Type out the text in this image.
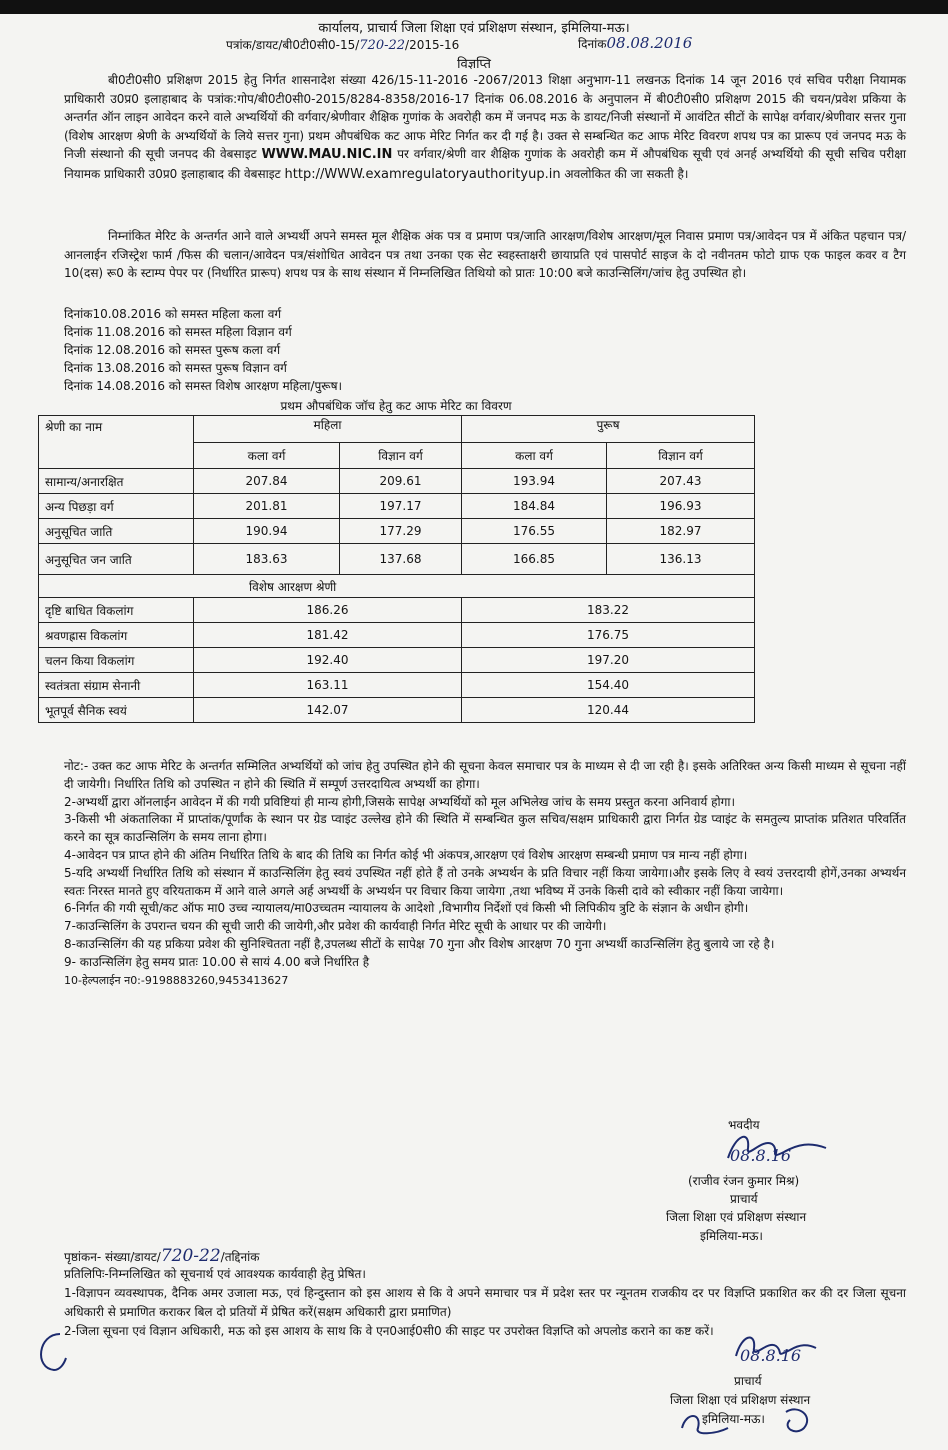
कार्यालय, प्राचार्य जिला शिक्षा एवं प्रशिक्षण संस्थान, इमिलिया-मऊ।
पत्रांक/डायट/बी0टी0सी0-15/720-22/2015-16	दिनांक08.08.2016
विज्ञप्ति
बी0टी0सी0 प्रशिक्षण 2015 हेतु निर्गत शासनादेश संख्या 426/15-11-2016 -2067/2013 शिक्षा अनुभाग-11 लखनऊ दिनांक 14 जून 2016 एवं सचिव परीक्षा नियामक प्राधिकारी उ0प्र0 इलाहाबाद के पत्रांक:गोप/बी0टी0सी0-2015/8284-8358/2016-17 दिनांक 06.08.2016 के अनुपालन में बी0टी0सी0 प्रशिक्षण 2015 की चयन/प्रवेश प्रकिया के अन्तर्गत ऑन लाइन आवेदन करने वाले अभ्यर्थियों की वर्गवार/श्रेणीवार शैक्षिक गुणांक के अवरोही कम में जनपद मऊ के डायट/निजी संस्थानों में आवंटित सीटों के सापेक्ष वर्गवार/श्रेणीवार सत्तर गुना (विशेष आरक्षण श्रेणी के अभ्यर्थियों के लिये सत्तर गुना) प्रथम औपबंधिक कट आफ मेरिट निर्गत कर दी गई है। उक्त से सम्बन्धित कट आफ मेरिट विवरण शपथ पत्र का प्रारूप एवं जनपद मऊ के निजी संस्थानो की सूची जनपद की वेबसाइट WWW.MAU.NIC.IN पर वर्गवार/श्रेणी वार शैक्षिक गुणांक के अवरोही कम में औपबंधिक सूची एवं अनर्ह अभ्यर्थियो की सूची सचिव परीक्षा नियामक प्राधिकारी उ0प्र0 इलाहाबाद की वेबसाइट http://WWW.examregulatoryauthorityup.in अवलोकित की जा सकती है।
निम्नांकित मेरिट के अन्तर्गत आने वाले अभ्यर्थी अपने समस्त मूल शैक्षिक अंक पत्र व प्रमाण पत्र/जाति आरक्षण/विशेष आरक्षण/मूल निवास प्रमाण पत्र/आवेदन पत्र में अंकित पहचान पत्र/आनलाईन रजिस्ट्रेश फार्म /फिस की चलान/आवेदन पत्र/संशोधित आवेदन पत्र तथा उनका एक सेट स्वहस्ताक्षरी छायाप्रति एवं पासपोर्ट साइज के दो नवीनतम फोटो ग्राफ एक फाइल कवर व टैग 10(दस) रू0 के स्टाम्प पेपर पर (निर्धारित प्रारूप) शपथ पत्र के साथ संस्थान में निम्नलिखित तिथियो को प्रातः 10:00 बजे काउन्सिलिंग/जांच हेतु उपस्थित हो।
दिनांक10.08.2016 को समस्त महिला कला वर्ग
दिनांक 11.08.2016 को समस्त महिला विज्ञान वर्ग
दिनांक 12.08.2016 को समस्त पुरूष कला वर्ग
दिनांक 13.08.2016 को समस्त पुरूष विज्ञान वर्ग
दिनांक 14.08.2016 को समस्त विशेष आरक्षण महिला/पुरूष।
प्रथम औपबंधिक जॉच हेतु कट आफ मेरिट का विवरण
श्रेणी का नाम	महिला		पुरूष	
	कला वर्ग	विज्ञान वर्ग	कला वर्ग	विज्ञान वर्ग
सामान्य/अनारक्षित	207.84	209.61	193.94	207.43
अन्य पिछड़ा वर्ग	201.81	197.17	184.84	196.93
अनुसूचित जाति	190.94	177.29	176.55	182.97
अनुसूचित जन जाति	183.63	137.68	166.85	136.13
विशेष आरक्षण श्रेणी				
दृष्टि बाधित विकलांग	186.26		183.22	
श्रवणह्रास विकलांग	181.42		176.75	
चलन किया विकलांग	192.40		197.20	
स्वतंत्रता संग्राम सेनानी	163.11		154.40	
भूतपूर्व सैनिक स्वयं	142.07		120.44	

नोट:- उक्त कट आफ मेरिट के अन्तर्गत सम्मिलित अभ्यर्थियों को जांच हेतु उपस्थित होने की सूचना केवल समाचार पत्र के माध्यम से दी जा रही है। इसके अतिरिक्त अन्य किसी माध्यम से सूचना नहीं दी जायेगी। निर्धारित तिथि को उपस्थित न होने की स्थिति में सम्पूर्ण उत्तरदायित्व अभ्यर्थी का होगा।

2-अभ्यर्थी द्वारा ऑनलाईन आवेदन में की गयी प्रविष्टियां ही मान्य होगी,जिसके सापेक्ष अभ्यर्थियों को मूल अभिलेख जांच के समय प्रस्तुत करना अनिवार्य होगा।

3-किसी भी अंकतालिका में प्राप्तांक/पूर्णांक के स्थान पर ग्रेड प्वाइंट उल्लेख होने की स्थिति में सम्बन्धित कुल सचिव/सक्षम प्राधिकारी द्वारा निर्गत ग्रेड प्वाइंट के समतुल्य प्राप्तांक प्रतिशत परिवर्तित करने का सूत्र काउन्सिलिंग के समय लाना होगा।

4-आवेदन पत्र प्राप्त होने की अंतिम निर्धारित तिथि के बाद की तिथि का निर्गत कोई भी अंकपत्र,आरक्षण एवं विशेष आरक्षण सम्बन्धी प्रमाण पत्र मान्य नहीं होगा।

5-यदि अभ्यर्थी निर्धारित तिथि को संस्थान में काउन्सिलिंग हेतु स्वयं उपस्थित नहीं होते हैं तो उनके अभ्यर्थन के प्रति विचार नहीं किया जायेगा।और इसके लिए वे स्वयं उत्तरदायी होगें,उनका अभ्यर्थन स्वतः निरस्त मानते हुए वरियताकम में आने वाले अगले अर्ह अभ्यर्थी के अभ्यर्थन पर विचार किया जायेगा ,तथा भविष्य में उनके किसी दावे को स्वीकार नहीं किया जायेगा।

6-निर्गत की गयी सूची/कट ऑफ मा0 उच्च न्यायालय/मा0उच्चतम न्यायालय के आदेशो ,विभागीय निर्देशों एवं किसी भी लिपिकीय त्रुटि के संज्ञान के अधीन होगी।

7-काउन्सिलिंग के उपरान्त चयन की सूची जारी की जायेगी,और प्रवेश की कार्यवाही निर्गत मेरिट सूची के आधार पर की जायेगी।

8-काउन्सिलिंग की यह प्रकिया प्रवेश की सुनिश्चितता नहीं है,उपलब्ध सीटों के सापेक्ष 70 गुना और विशेष आरक्षण 70 गुना अभ्यर्थी काउन्सिलिंग हेतु बुलाये जा रहे है।

9- काउन्सिलिंग हेतु समय प्रातः 10.00 से सायं 4.00 बजे निर्धारित है

10-हेल्पलाईन न0:-9198883260,9453413627

भवदीय
08.8.16
(राजीव रंजन कुमार मिश्र)
प्राचार्य
जिला शिक्षा एवं प्रशिक्षण संस्थान
इमिलिया-मऊ।
पृष्ठांकन- संख्या/डायट/720-22/तद्दिनांक
प्रतिलिपिः-निम्नलिखित को सूचनार्थ एवं आवश्यक कार्यवाही हेतु प्रेषित।
1-विज्ञापन व्यवस्थापक, दैनिक अमर उजाला मऊ, एवं हिन्दुस्तान को इस आशय से कि वे अपने समाचार पत्र में प्रदेश स्तर पर न्यूनतम राजकीय दर पर विज्ञप्ति प्रकाशित कर की दर जिला सूचना अधिकारी से प्रमाणित कराकर बिल दो प्रतियों में प्रेषित करें(सक्षम अधिकारी द्वारा प्रमाणित)
2-जिला सूचना एवं विज्ञान अधिकारी, मऊ को इस आशय के साथ कि वे एन0आई0सी0 की साइट पर उपरोक्त विज्ञप्ति को अपलोड कराने का कष्ट करें।
08.8.16
प्राचार्य
जिला शिक्षा एवं प्रशिक्षण संस्थान
इमिलिया-मऊ।
